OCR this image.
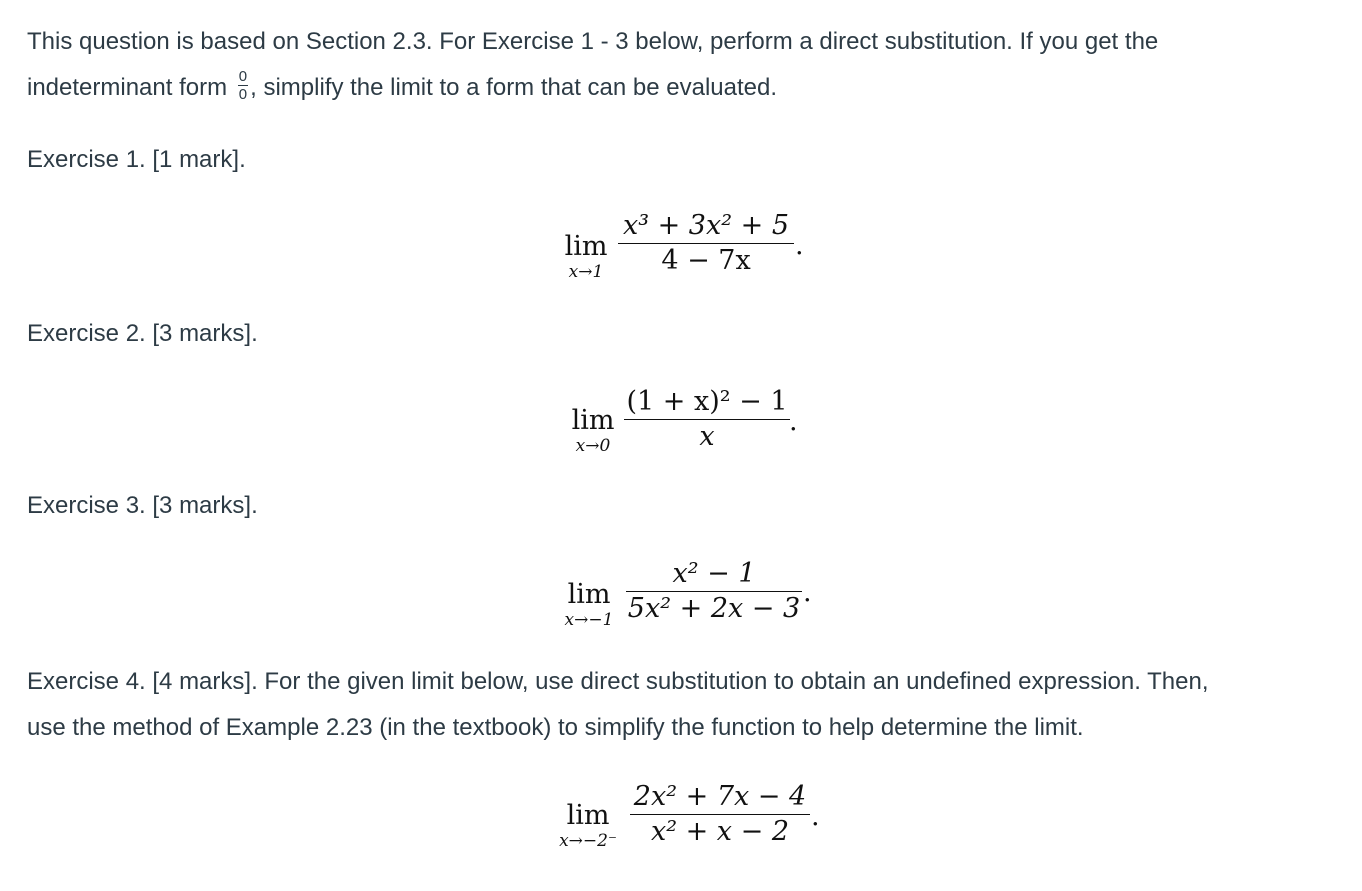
This question is based on Section 2.3. For Exercise 1 - 3 below, perform a direct substitution. If you get the
indeterminant form $\frac{0}{0}$ , simplify the limit to a form that can be evaluated.

Exercise 1. [1 mark].

lim
x→1
x³ + 3x² + 5
4 − 7x	.

Exercise 2. [3 marks].

lim
x→0
(1 + x)² − 1
x	.

Exercise 3. [3 marks].

lim
x→−1
x² − 1
5x² + 2x − 3
.

Exercise 4. [4 marks]. For the given limit below, use direct substitution to obtain an undefined expression. Then,
use the method of Example 2.23 (in the textbook) to simplify the function to help determine the limit.

lim
x→−2⁻
2x² + 7x − 4
x² + x − 2 .
